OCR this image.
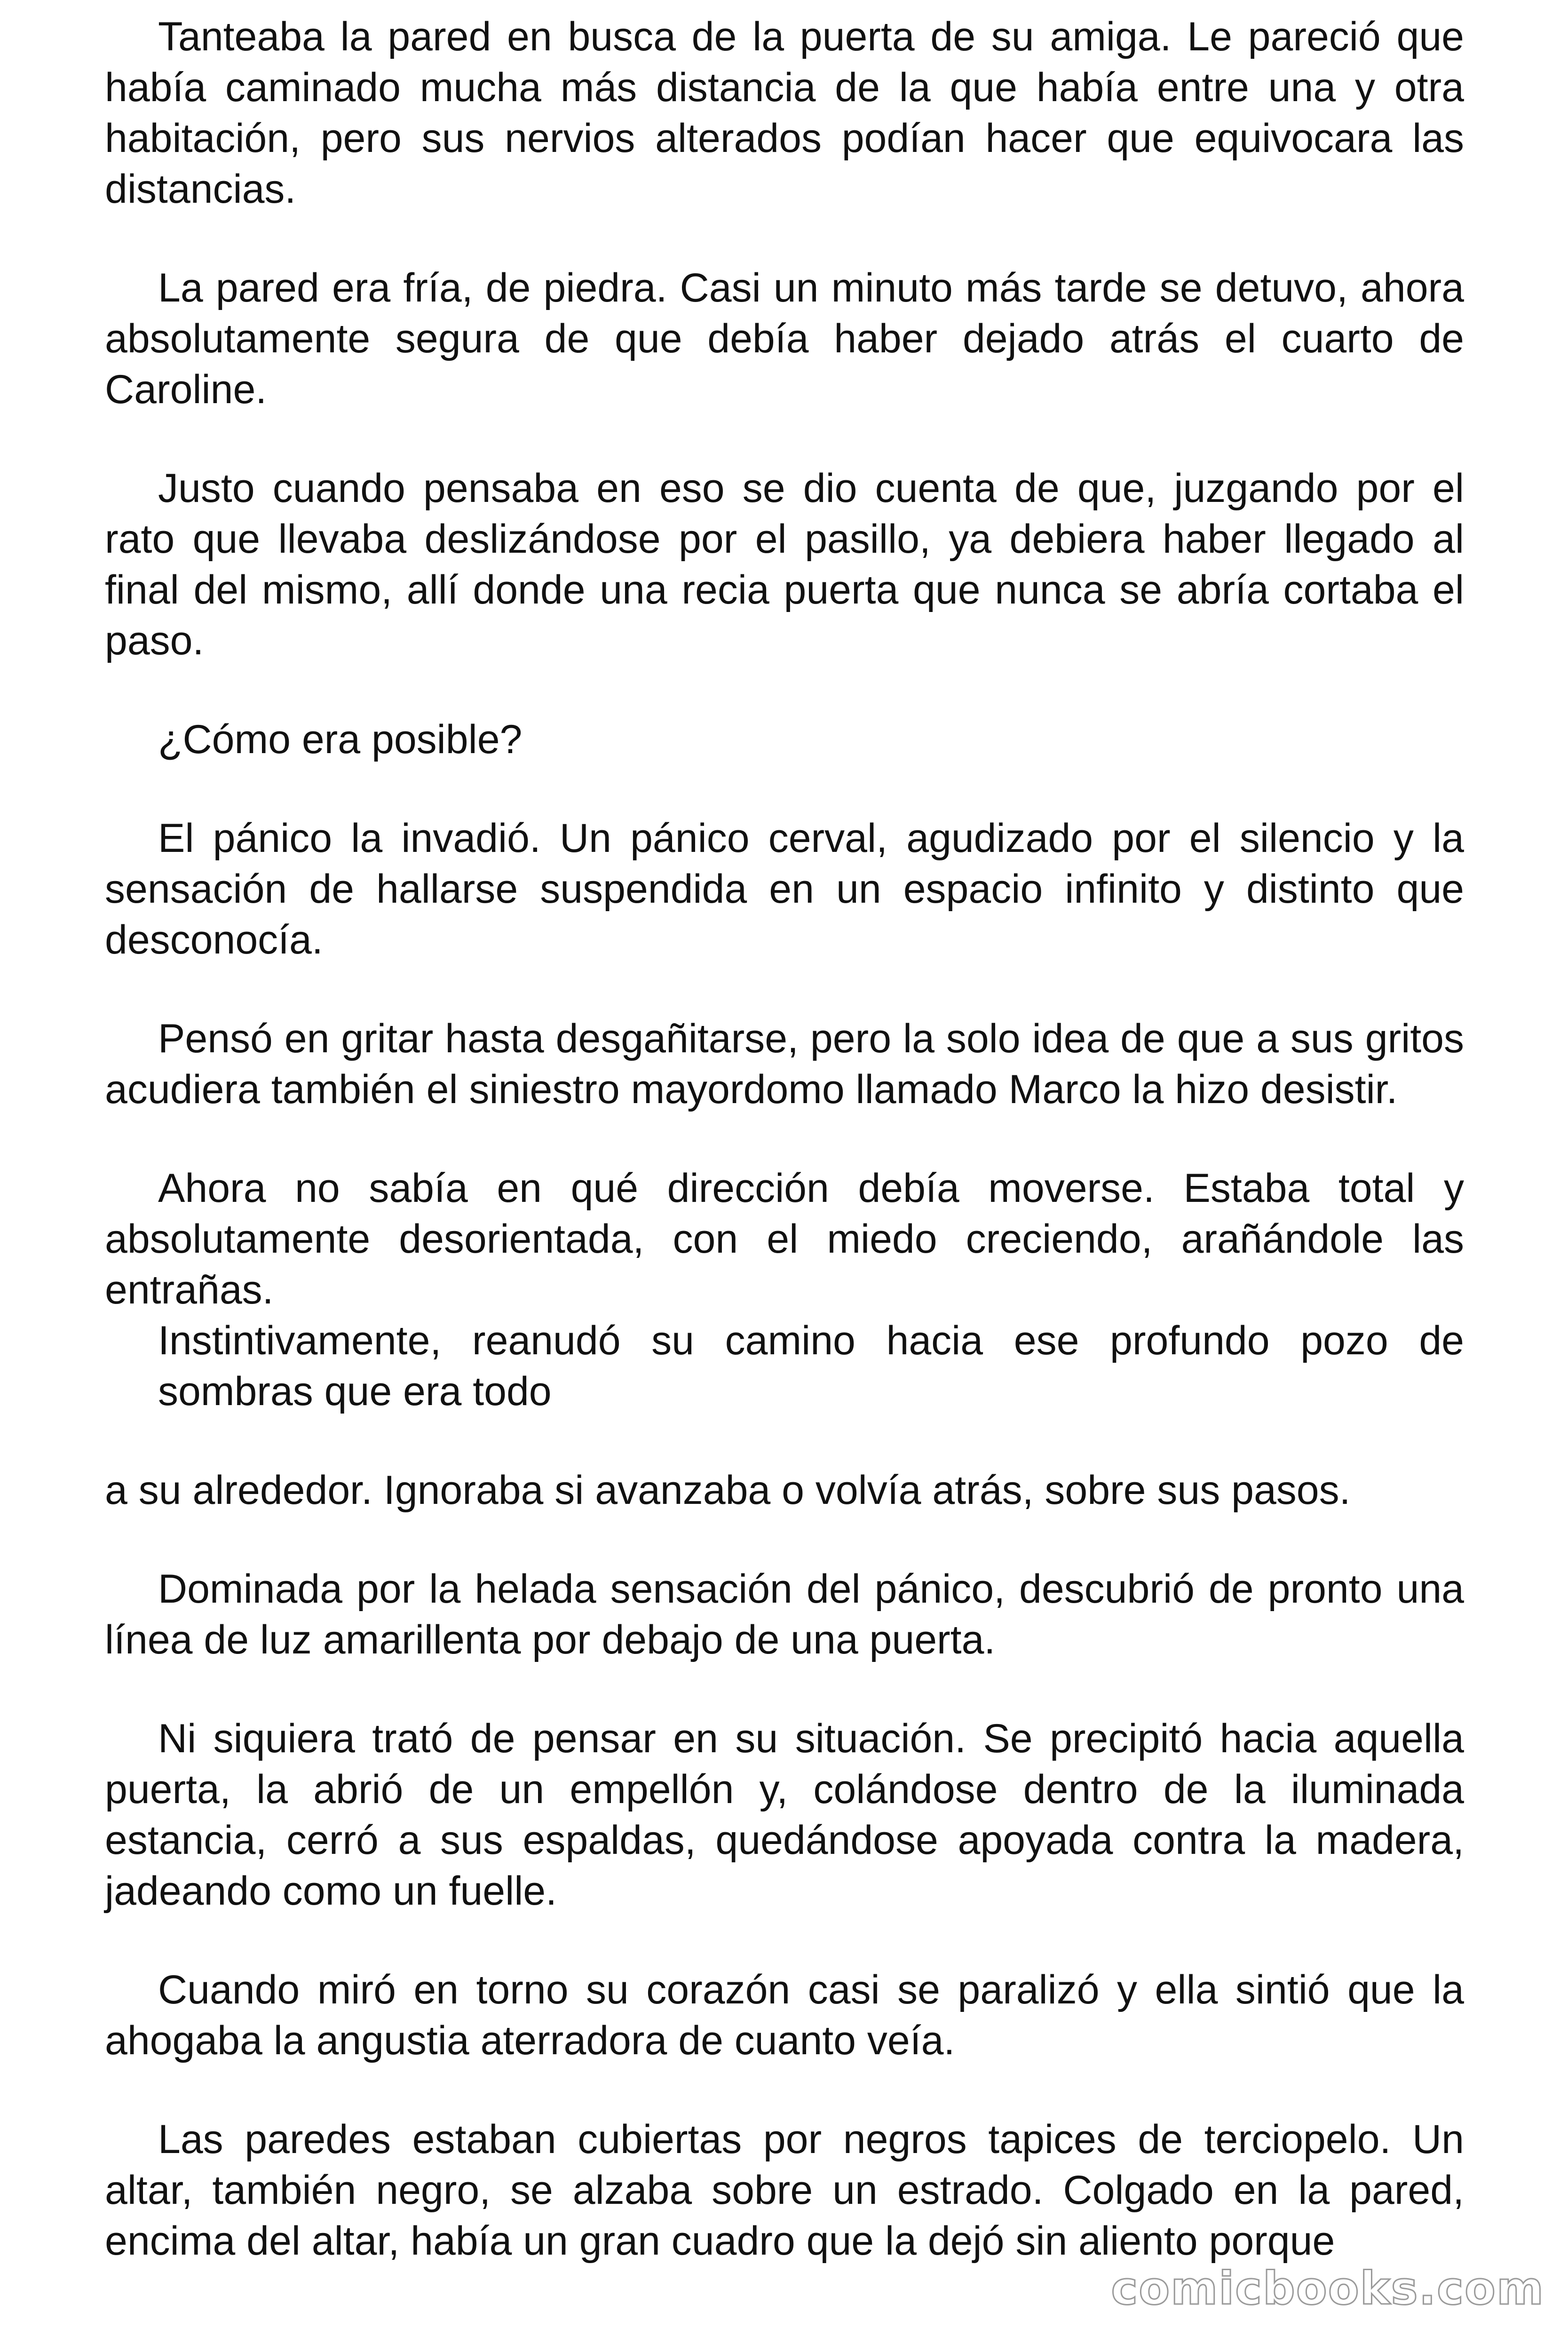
Tanteaba la pared en busca de la puerta de su amiga. Le pareció que había caminado mucha más distancia de la que había entre una y otra habitación, pero sus nervios alterados podían hacer que equivocara las distancias.

La pared era fría, de piedra. Casi un minuto más tarde se detuvo, ahora absolutamente segura de que debía haber dejado atrás el cuarto de Caroline.

Justo cuando pensaba en eso se dio cuenta de que, juzgando por el rato que llevaba deslizándose por el pasillo, ya debiera haber llegado al final del mismo, allí donde una recia puerta que nunca se abría cortaba el paso.

¿Cómo era posible?

El pánico la invadió. Un pánico cerval, agudizado por el silencio y la sensación de hallarse suspendida en un espacio infinito y distinto que desconocía.

Pensó en gritar hasta desgañitarse, pero la solo idea de que a sus gritos acudiera también el siniestro mayordomo llamado Marco la hizo desistir.

Ahora no sabía en qué dirección debía moverse. Estaba total y absolutamente desorientada, con el miedo creciendo, arañándole las entrañas.

Instintivamente, reanudó su camino hacia ese profundo pozo de sombras que era todo

a su alrededor. Ignoraba si avanzaba o volvía atrás, sobre sus pasos.

Dominada por la helada sensación del pánico, descubrió de pronto una línea de luz amarillenta por debajo de una puerta.

Ni siquiera trató de pensar en su situación. Se precipitó hacia aquella puerta, la abrió de un empellón y, colándose dentro de la iluminada estancia, cerró a sus espaldas, quedándose apoyada contra la madera, jadeando como un fuelle.

Cuando miró en torno su corazón casi se paralizó y ella sintió que la ahogaba la angustia aterradora de cuanto veía.

Las paredes estaban cubiertas por negros tapices de terciopelo. Un altar, también negro, se alzaba sobre un estrado. Colgado en la pared, encima del altar, había un gran cuadro que la dejó sin aliento porque

comicbooks.com
